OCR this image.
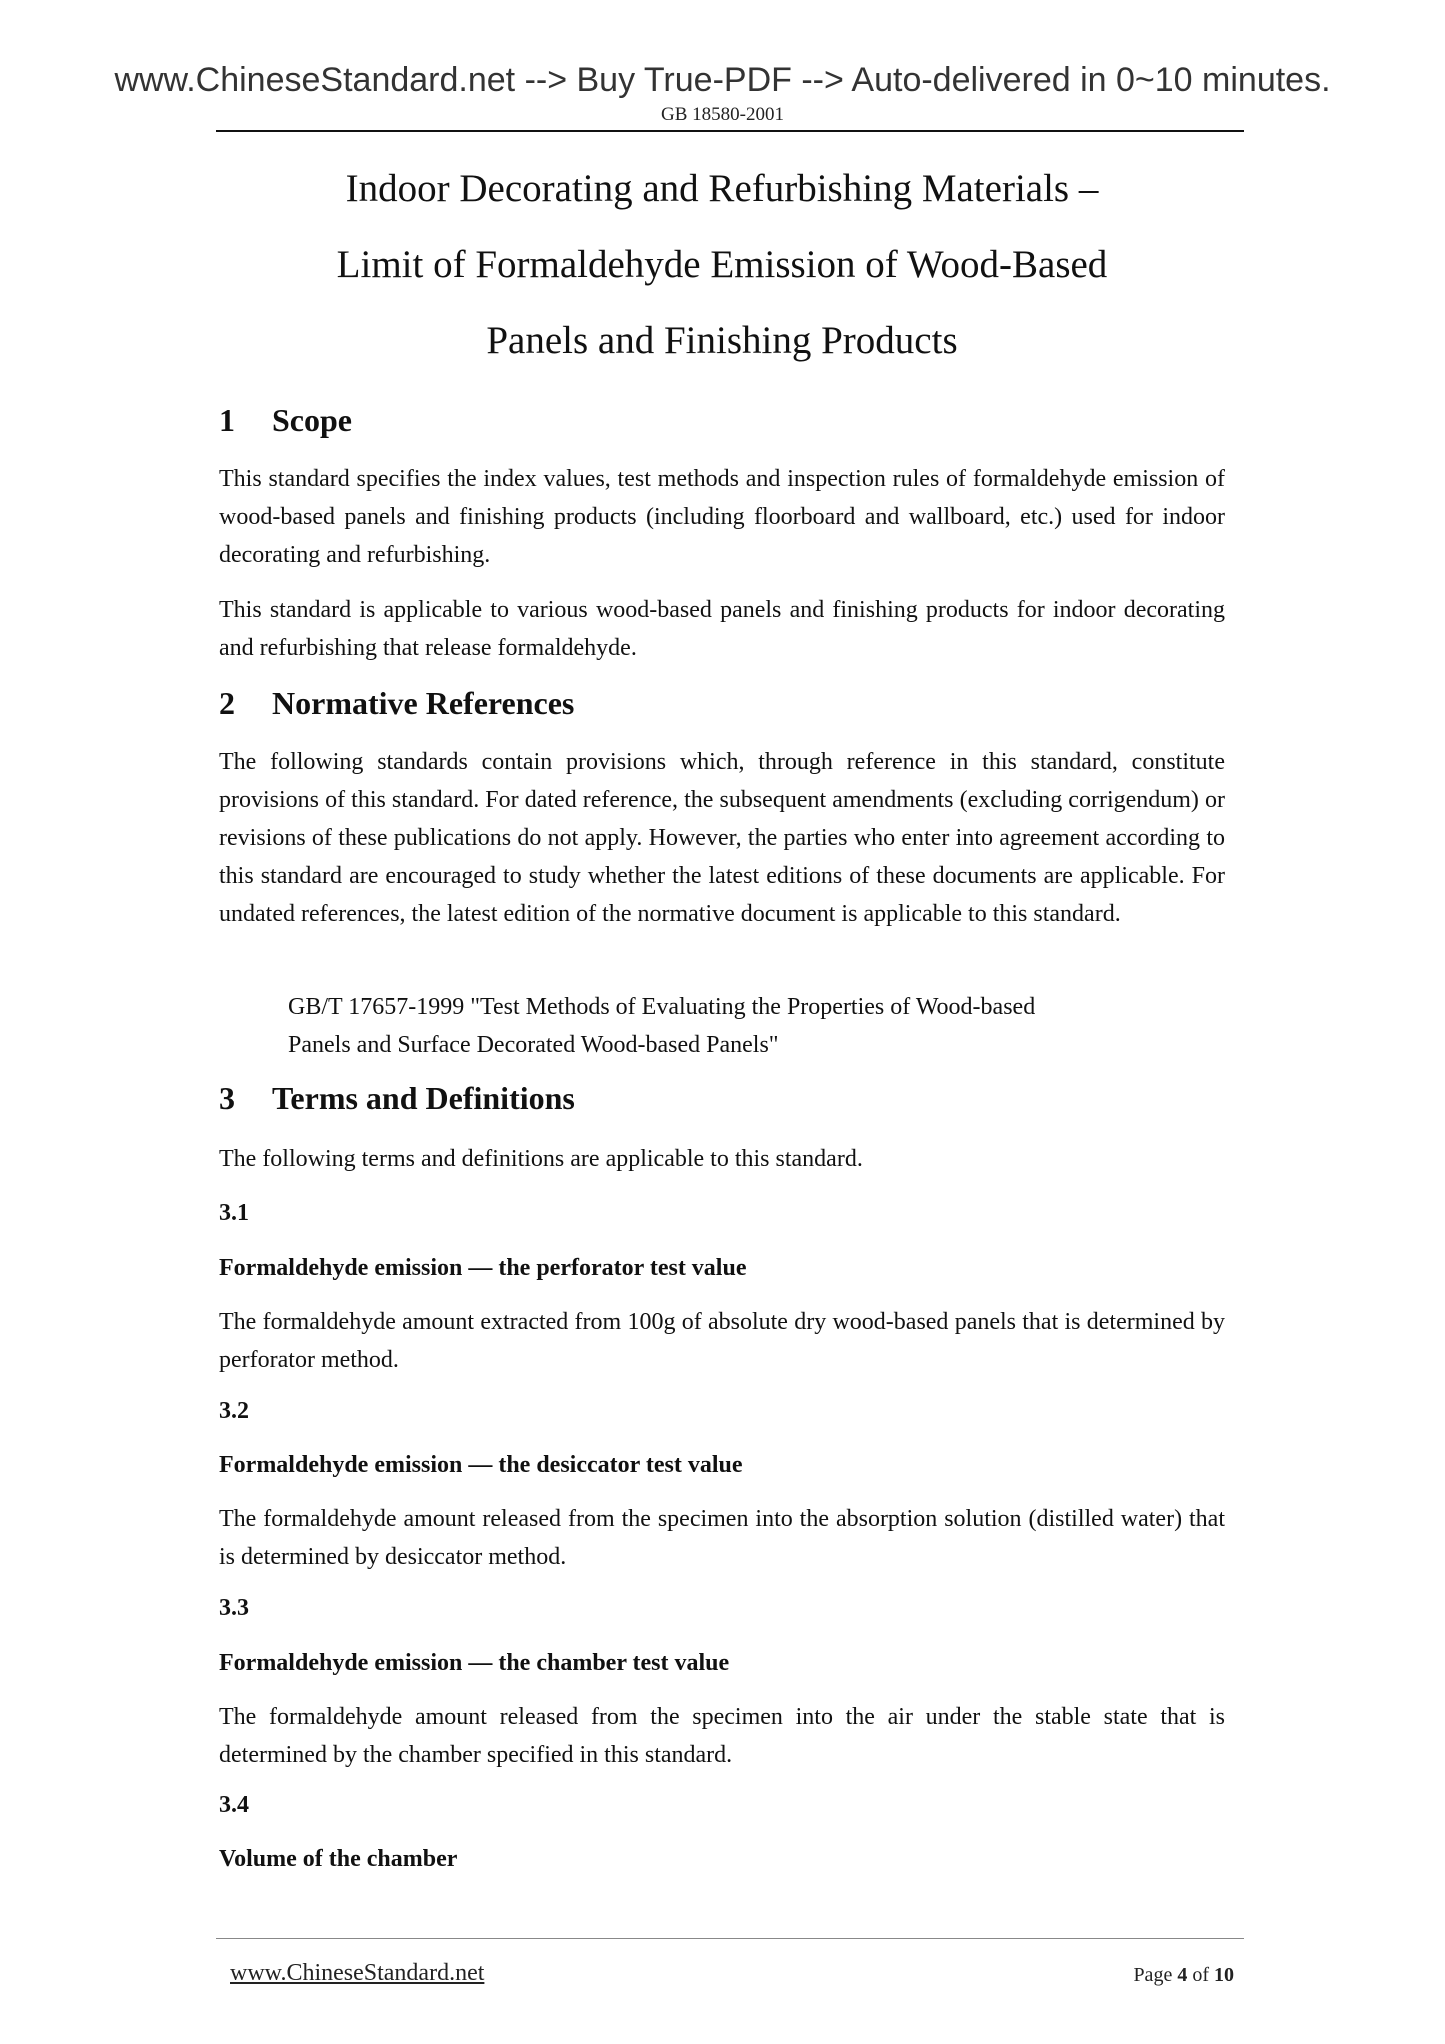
www.ChineseStandard.net --> Buy True-PDF --> Auto-delivered in 0~10 minutes.
GB 18580-2001
Indoor Decorating and Refurbishing Materials –
Limit of Formaldehyde Emission of Wood-Based
Panels and Finishing Products
1 Scope

This standard specifies the index values, test methods and inspection rules of formaldehyde emission of wood-based panels and finishing products (including floorboard and wallboard, etc.) used for indoor decorating and refurbishing.

This standard is applicable to various wood-based panels and finishing products for indoor decorating and refurbishing that release formaldehyde.

2 Normative References

The following standards contain provisions which, through reference in this standard, constitute provisions of this standard. For dated reference, the subsequent amendments (excluding corrigendum) or revisions of these publications do not apply. However, the parties who enter into agreement according to this standard are encouraged to study whether the latest editions of these documents are applicable. For undated references, the latest edition of the normative document is applicable to this standard.

GB/T 17657-1999 "Test Methods of Evaluating the Properties of Wood-based

Panels and Surface Decorated Wood-based Panels"

3 Terms and Definitions

The following terms and definitions are applicable to this standard.

3.1
Formaldehyde emission — the perforator test value

The formaldehyde amount extracted from 100g of absolute dry wood-based panels that is determined by perforator method.

3.2
Formaldehyde emission — the desiccator test value

The formaldehyde amount released from the specimen into the absorption solution (distilled water) that is determined by desiccator method.

3.3
Formaldehyde emission — the chamber test value

The formaldehyde amount released from the specimen into the air under the stable state that is determined by the chamber specified in this standard.

3.4
Volume of the chamber
www.ChineseStandard.net	Page 4 of 10
